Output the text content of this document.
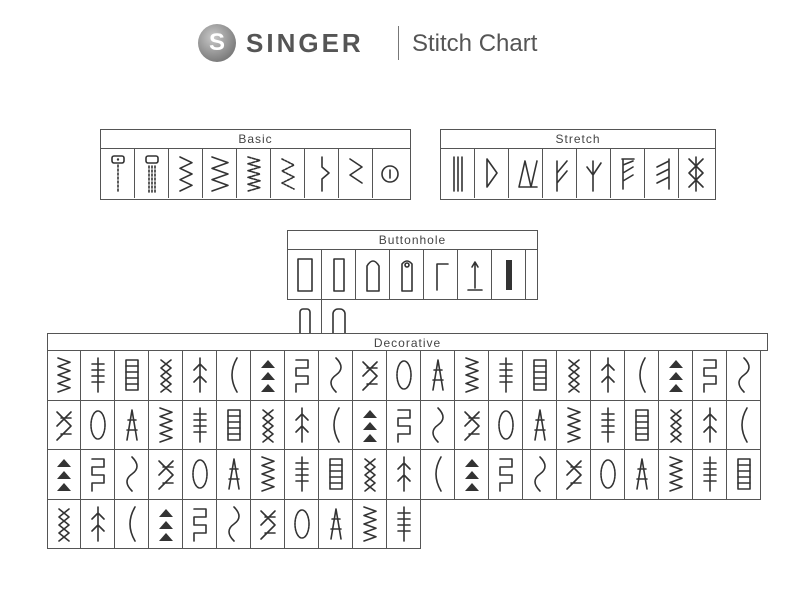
S SINGER Stitch Chart
Basic	Stretch
Buttonhole
Decorative
